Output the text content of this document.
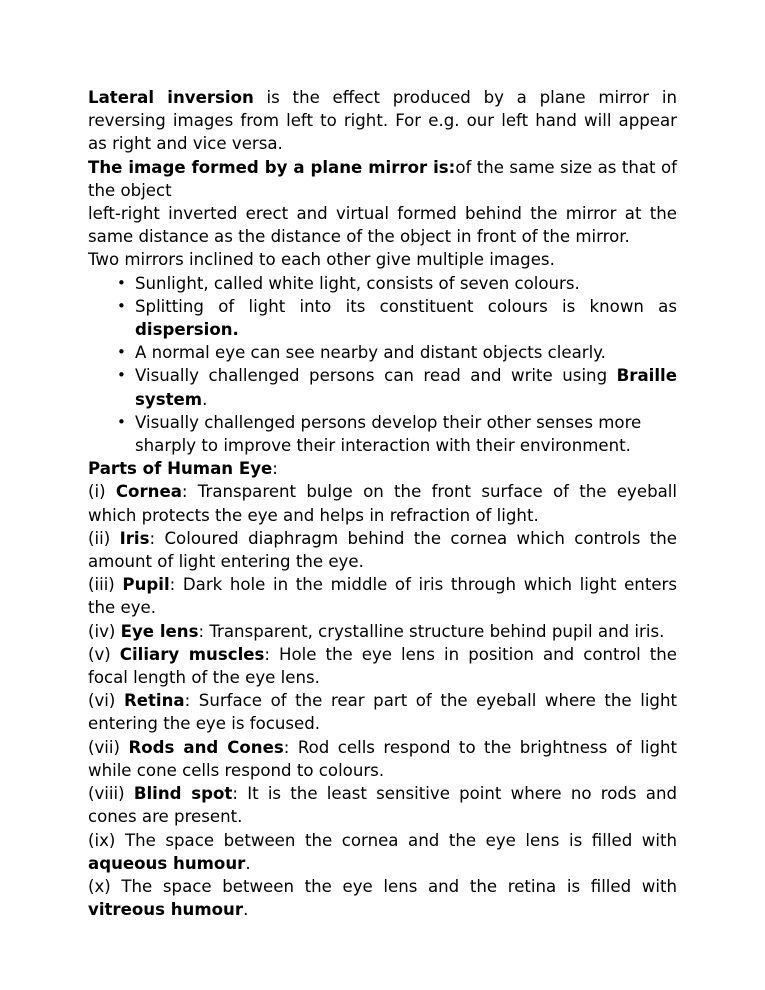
Lateral inversion is the effect produced by a plane mirror in reversing images from left to right. For e.g. our left hand will appear as right and vice versa.

The image formed by a plane mirror is:of the same size as that of the object

left-right inverted erect and virtual formed behind the mirror at the same distance as the distance of the object in front of the mirror.

Two mirrors inclined to each other give multiple images.

• Sunlight, called white light, consists of seven colours.
• Splitting of light into its constituent colours is known as dispersion.
• A normal eye can see nearby and distant objects clearly.
• Visually challenged persons can read and write using Braille system.
• Visually challenged persons develop their other senses more sharply to improve their interaction with their environment.

Parts of Human Eye:

(i) Cornea: Transparent bulge on the front surface of the eyeball which protects the eye and helps in refraction of light.

(ii) Iris: Coloured diaphragm behind the cornea which controls the amount of light entering the eye.

(iii) Pupil: Dark hole in the middle of iris through which light enters the eye.

(iv) Eye lens: Transparent, crystalline structure behind pupil and iris.

(v) Ciliary muscles: Hole the eye lens in position and control the focal length of the eye lens.

(vi) Retina: Surface of the rear part of the eyeball where the light entering the eye is focused.

(vii) Rods and Cones: Rod cells respond to the brightness of light while cone cells respond to colours.

(viii) Blind spot: It is the least sensitive point where no rods and cones are present.

(ix) The space between the cornea and the eye lens is filled with aqueous humour.

(x) The space between the eye lens and the retina is filled with vitreous humour.
